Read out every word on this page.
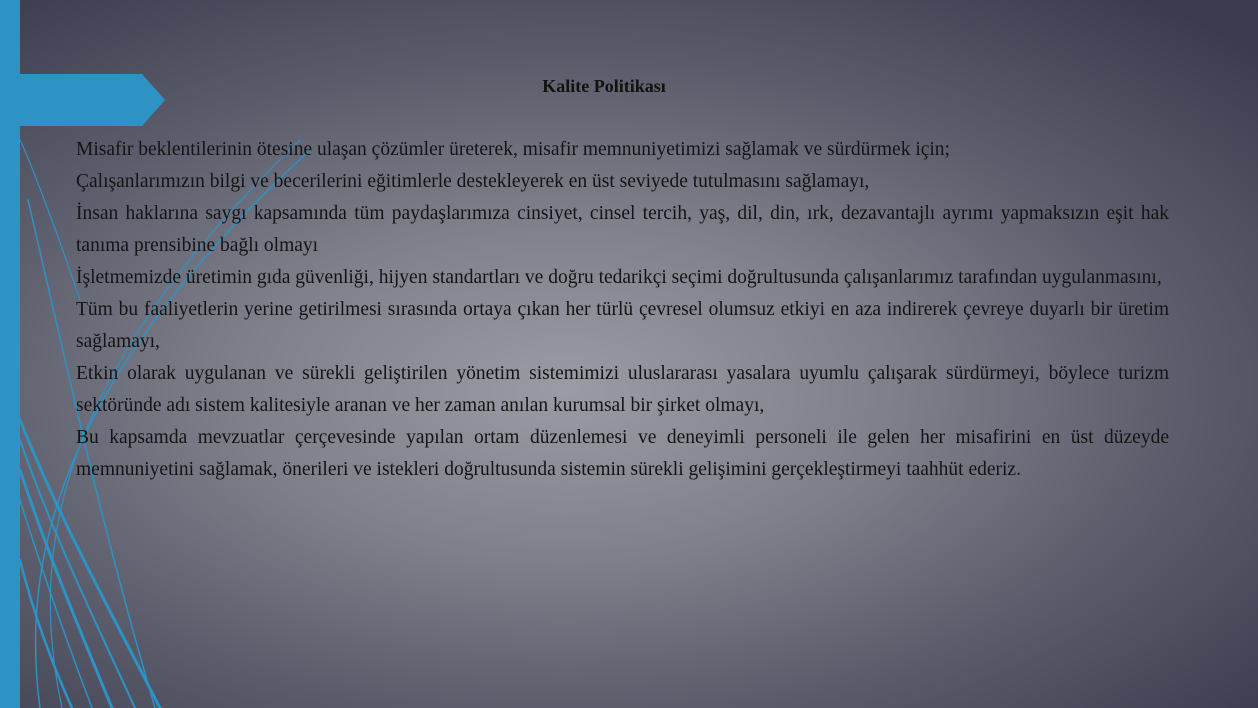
Kalite Politikası

Misafir beklentilerinin ötesine ulaşan çözümler üreterek, misafir memnuniyetimizi sağlamak ve sürdürmek için;

Çalışanlarımızın bilgi ve becerilerini eğitimlerle destekleyerek en üst seviyede tutulmasını sağlamayı,

İnsan haklarına saygı kapsamında tüm paydaşlarımıza cinsiyet, cinsel tercih, yaş, dil, din, ırk, dezavantajlı ayrımı yapmaksızın eşit hak tanıma prensibine bağlı olmayı

İşletmemizde üretimin gıda güvenliği, hijyen standartları ve doğru tedarikçi seçimi doğrultusunda çalışanlarımız tarafından uygulanmasını,

Tüm bu faaliyetlerin yerine getirilmesi sırasında ortaya çıkan her türlü çevresel olumsuz etkiyi en aza indirerek çevreye duyarlı bir üretim sağlamayı,

Etkin olarak uygulanan ve sürekli geliştirilen yönetim sistemimizi uluslararası yasalara uyumlu çalışarak sürdürmeyi, böylece turizm sektöründe adı sistem kalitesiyle aranan ve her zaman anılan kurumsal bir şirket olmayı,

Bu kapsamda mevzuatlar çerçevesinde yapılan ortam düzenlemesi ve deneyimli personeli ile gelen her misafirini en üst düzeyde memnuniyetini sağlamak, önerileri ve istekleri doğrultusunda sistemin sürekli gelişimini gerçekleştirmeyi taahhüt ederiz.
